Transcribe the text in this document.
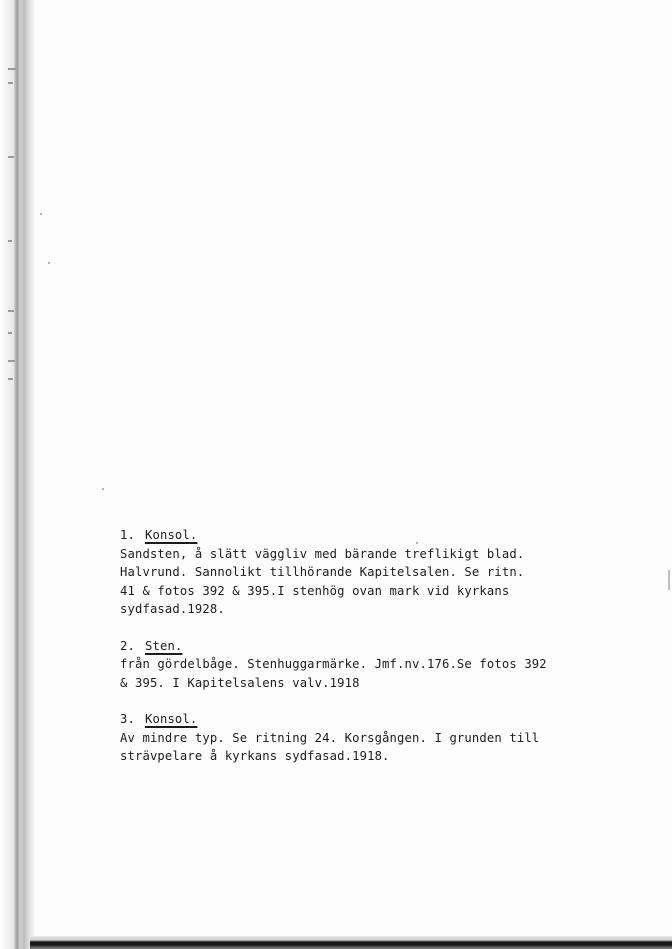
1. Konsol.
Sandsten, å slätt väggliv med bärande treflikigt blad.
Halvrund. Sannolikt tillhörande Kapitelsalen. Se ritn.
41 & fotos 392 & 395.I stenhög ovan mark vid kyrkans
sydfasad.1928.
2. Sten.
från gördelbåge. Stenhuggarmärke. Jmf.nv.176.Se fotos 392
& 395. I Kapitelsalens valv.1918
3. Konsol.
Av mindre typ. Se ritning 24. Korsgången. I grunden till
strävpelare å kyrkans sydfasad.1918.
